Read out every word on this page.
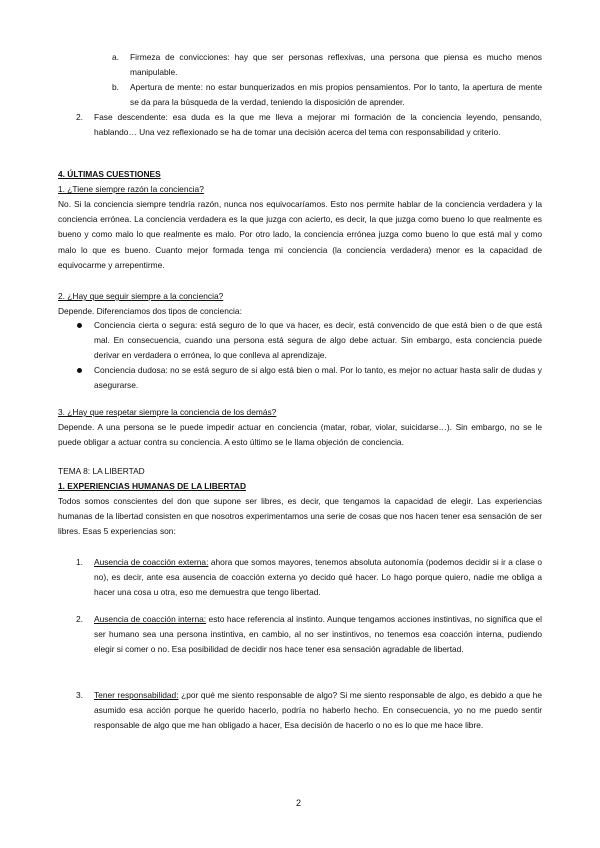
a. Firmeza de convicciones: hay que ser personas reflexivas, una persona que piensa es mucho menos manipulable.

b. Apertura de mente: no estar bunquerizados en mis propios pensamientos. Por lo tanto, la apertura de mente se da para la búsqueda de la verdad, teniendo la disposición de aprender.

2. Fase descendente: esa duda es la que me lleva a mejorar mi formación de la conciencia leyendo, pensando, hablando… Una vez reflexionado se ha de tomar una decisión acerca del tema con responsabilidad y criterio.

4. ÚLTIMAS CUESTIONES

1. ¿Tiene siempre razón la conciencia?

No. Si la conciencia siempre tendría razón, nunca nos equivocaríamos. Esto nos permite hablar de la conciencia verdadera y la conciencia errónea. La conciencia verdadera es la que juzga con acierto, es decir, la que juzga como bueno lo que realmente es bueno y como malo lo que realmente es malo. Por otro lado, la conciencia errónea juzga como bueno lo que está mal y como malo lo que es bueno. Cuanto mejor formada tenga mi conciencia (la conciencia verdadera) menor es la capacidad de equivocarme y arrepentirme.

2. ¿Hay que seguir siempre a la conciencia?

Depende. Diferenciamos dos tipos de conciencia:

Conciencia cierta o segura: está seguro de lo que va hacer, es decir, está convencido de que está bien o de que está mal. En consecuencia, cuando una persona está segura de algo debe actuar. Sin embargo, esta conciencia puede derivar en verdadera o errónea, lo que conlleva al aprendizaje.

Conciencia dudosa: no se está seguro de si algo está bien o mal. Por lo tanto, es mejor no actuar hasta salir de dudas y asegurarse.

3. ¿Hay que respetar siempre la conciencia de los demás?

Depende. A una persona se le puede impedir actuar en conciencia (matar, robar, violar, suicidarse…). Sin embargo, no se le puede obligar a actuar contra su conciencia. A esto último se le llama objeción de conciencia.

TEMA 8: LA LIBERTAD

1. EXPERIENCIAS HUMANAS DE LA LIBERTAD

Todos somos conscientes del don que supone ser libres, es decir, que tengamos la capacidad de elegir. Las experiencias humanas de la libertad consisten en que nosotros experimentamos una serie de cosas que nos hacen tener esa sensación de ser libres. Esas 5 experiencias son:

1. Ausencia de coacción externa: ahora que somos mayores, tenemos absoluta autonomía (podemos decidir si ir a clase o no), es decir, ante esa ausencia de coacción externa yo decido qué hacer. Lo hago porque quiero, nadie me obliga a hacer una cosa u otra, eso me demuestra que tengo libertad.

2. Ausencia de coacción interna: esto hace referencia al instinto. Aunque tengamos acciones instintivas, no significa que el ser humano sea una persona instintiva, en cambio, al no ser instintivos, no tenemos esa coacción interna, pudiendo elegir si comer o no. Esa posibilidad de decidir nos hace tener esa sensación agradable de libertad.

3. Tener responsabilidad: ¿por qué me siento responsable de algo? Si me siento responsable de algo, es debido a que he asumido esa acción porque he querido hacerlo, podría no haberlo hecho. En consecuencia, yo no me puedo sentir responsable de algo que me han obligado a hacer, Esa decisión de hacerlo o no es lo que me hace libre.

2
